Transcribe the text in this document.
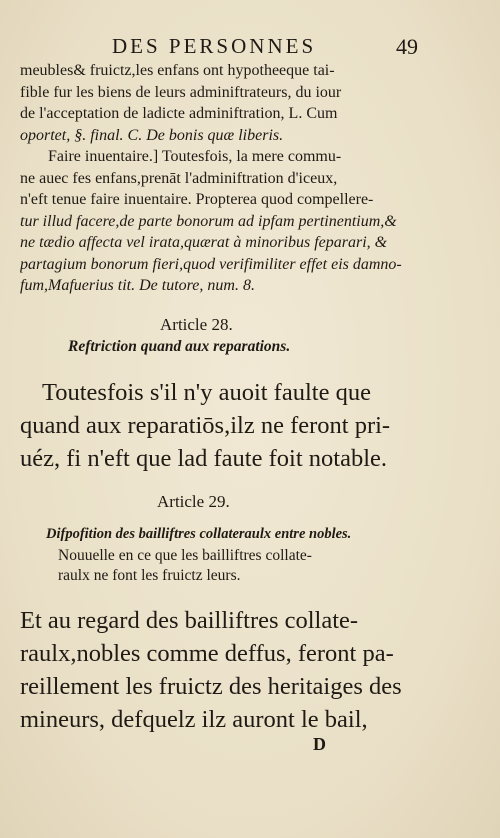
DES PERSONNES	49
meubles& fruictz,les enfans ont hypotheeque tai-
fible fur les biens de leurs adminiftrateurs, du iour
de l'acceptation de ladicte adminiftration, L. Cum
oportet, §. final. C. De bonis quæ liberis.
Faire inuentaire.] Toutesfois, la mere commu-
ne auec fes enfans,prenāt l'adminiftration d'iceux,
n'eft tenue faire inuentaire. Propterea quod compellere-
tur illud facere,de parte bonorum ad ipfam pertinentium,&
ne tædio affecta vel irata,quærat à minoribus feparari, &
partagium bonorum fieri,quod verifimiliter effet eis damno-
fum,Mafuerius tit. De tutore, num. 8.
Article 28.
Reftriction quand aux reparations.
Toutesfois s'il n'y auoit faulte que
quand aux reparatiōs,ilz ne feront pri-
uéz, fi n'eft que lad faute foit notable.
Article 29.
Difpofition des bailliftres collateraulx entre nobles.
Nouuelle en ce que les bailliftres collate-
raulx ne font les fruictz leurs.
Et au regard des bailliftres collate-
raulx,nobles comme deffus, feront pa-
reillement les fruictz des heritaiges des
mineurs, defquelz ilz auront le bail,
D
